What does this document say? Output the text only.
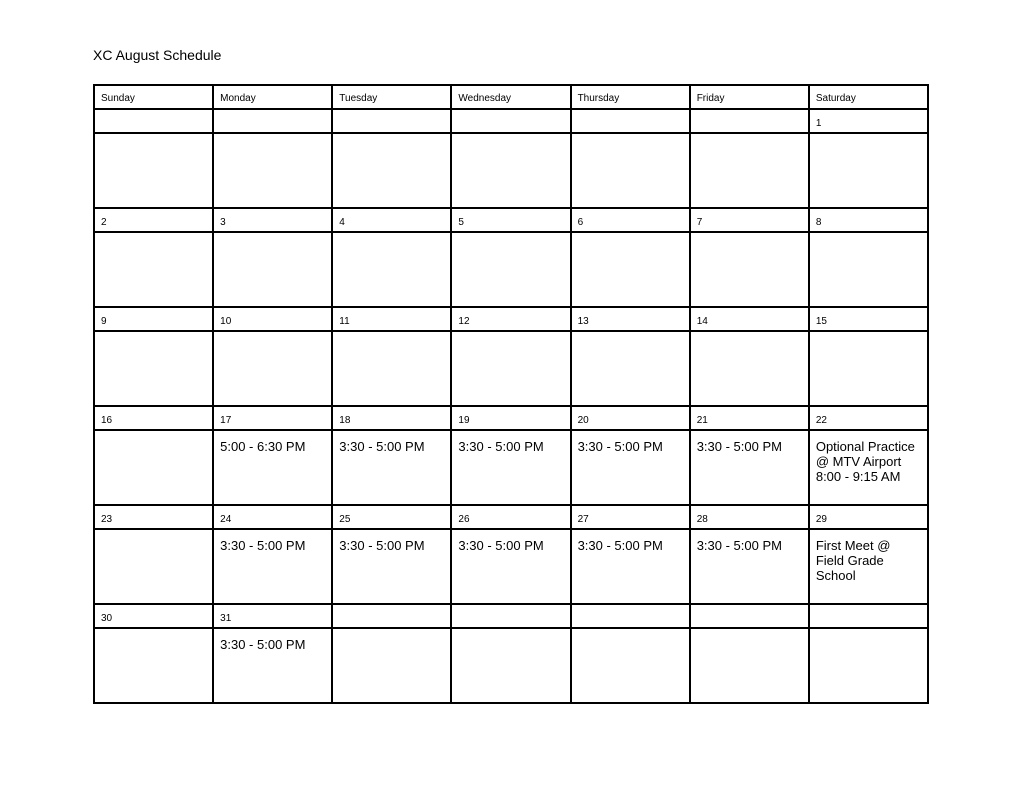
XC August Schedule
Sunday	Monday	Tuesday	Wednesday	Thursday	Friday	Saturday

						1

2	3	4	5	6	7	8

9	10	11	12	13	14	15

16	17	18	19	20	21	22

	5:00 - 6:30 PM	3:30 - 5:00 PM	3:30 - 5:00 PM	3:30 - 5:00 PM	3:30 - 5:00 PM	Optional Practice
@ MTV Airport
8:00 - 9:15 AM

23	24	25	26	27	28	29

	3:30 - 5:00 PM	3:30 - 5:00 PM	3:30 - 5:00 PM	3:30 - 5:00 PM	3:30 - 5:00 PM	First Meet @
Field Grade
School

30	31					

	3:30 - 5:00 PM					
